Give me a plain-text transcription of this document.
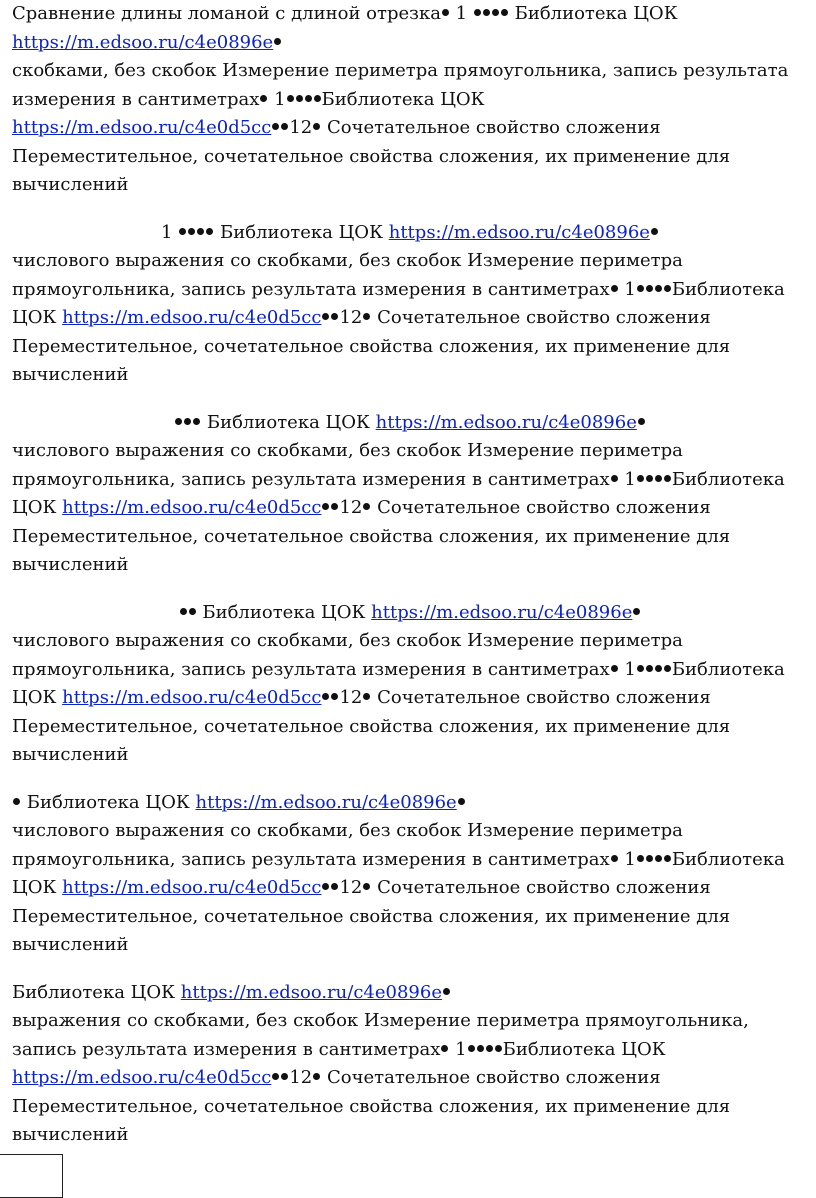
Сравнение длины ломаной с длиной отрезка 1	Библиотека ЦОК
https://m.edsoo.ru/c4e0896e
скобками, без скобок Измерение периметра прямоугольника, запись результата измерения в сантиметрах 1 Библиотека ЦОК
https://m.edsoo.ru/c4e0d5cc 12 Сочетательное свойство сложения Переместительное, сочетательное свойства сложения, их применение для вычислений
1	Библиотека ЦОК https://m.edsoo.ru/c4e0896e
числового выражения со скобками, без скобок Измерение периметра прямоугольника, запись результата измерения в сантиметрах 1 Библиотека ЦОК https://m.edsoo.ru/c4e0d5cc 12 Сочетательное свойство сложения Переместительное, сочетательное свойства сложения, их применение для вычислений
Библиотека ЦОК https://m.edsoo.ru/c4e0896e
числового выражения со скобками, без скобок Измерение периметра прямоугольника, запись результата измерения в сантиметрах 1 Библиотека ЦОК https://m.edsoo.ru/c4e0d5cc 12 Сочетательное свойство сложения Переместительное, сочетательное свойства сложения, их применение для вычислений
Библиотека ЦОК https://m.edsoo.ru/c4e0896e
числового выражения со скобками, без скобок Измерение периметра прямоугольника, запись результата измерения в сантиметрах 1 Библиотека ЦОК https://m.edsoo.ru/c4e0d5cc 12 Сочетательное свойство сложения Переместительное, сочетательное свойства сложения, их применение для вычислений
Библиотека ЦОК https://m.edsoo.ru/c4e0896e
числового выражения со скобками, без скобок Измерение периметра прямоугольника, запись результата измерения в сантиметрах 1 Библиотека ЦОК https://m.edsoo.ru/c4e0d5cc 12 Сочетательное свойство сложения Переместительное, сочетательное свойства сложения, их применение для вычислений
Библиотека ЦОК https://m.edsoo.ru/c4e0896e
выражения со скобками, без скобок Измерение периметра прямоугольника, запись результата измерения в сантиметрах 1 Библиотека ЦОК
https://m.edsoo.ru/c4e0d5cc 12 Сочетательное свойство сложения Переместительное, сочетательное свойства сложения, их применение для вычислений
